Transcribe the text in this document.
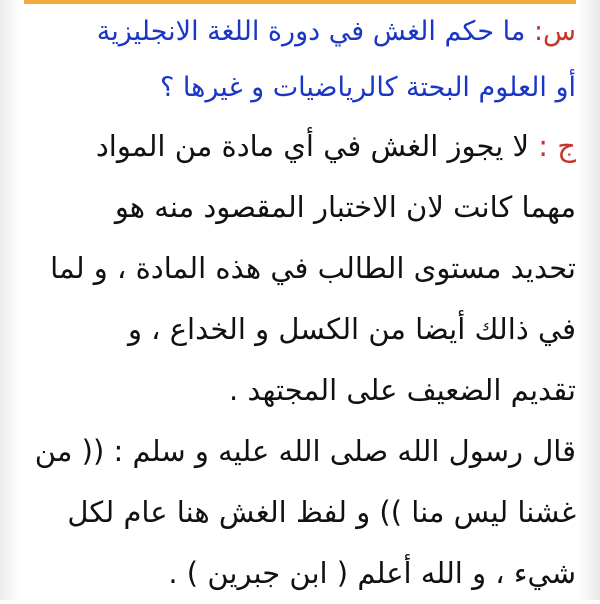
س: ما حكم الغش في دورة اللغة الانجليزية
أو العلوم البحتة كالرياضيات و غيرها ؟
ج : لا يجوز الغش في أي مادة من المواد
مهما كانت لان الاختبار المقصود منه هو
تحديد مستوى الطالب في هذه المادة ، و لما
في ذالك أيضا من الكسل و الخداع ، و
تقديم الضعيف على المجتهد .
قال رسول الله صلى الله عليه و سلم : (( من
غشنا ليس منا )) و لفظ الغش هنا عام لكل
شيء ، و الله أعلم ( ابن جبرين ) .
